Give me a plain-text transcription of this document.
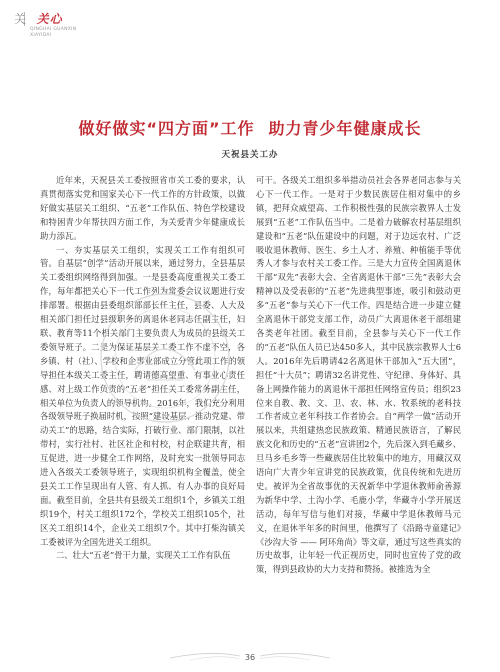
关 关心
QINGHAI GUANXIN
XIAYIDAI
做好做实“四方面”工作 助力青少年健康成长
天祝县关工办

近年来，天祝县关工委按照省市关工委的要求，认真贯彻落实党和国家关心下一代工作的方针政策，以做好做实基层关工组织、“五老”工作队伍、特色学校建设和特困青少年帮扶四方面工作，为关爱青少年健康成长助力添瓦。

一、夯实基层关工组织，实现关工工作有组织可管。自基层“创学”活动开展以来，通过努力，全县基层关工委组织网络得到加强。一是县委高度重视关工委工作，每年都把关心下一代工作列为常委会议议题进行安排部署。根据由县委组织部部长任主任，县委、人大及相关部门担任过县级职务的离退休老同志任副主任，妇联、教育等11个相关部门主要负责人为成员的县级关工委领导班子。二是为保证基层关工委工作不虚不空，各乡镇、村（社）、学校和企事业部成立分管此项工作的领导担任本级关工委主任，聘请德高望重、有事业心责任感、对上级工作负责的“五老”担任关工委常务副主任，相关单位为负责人的领导机构。2016年，我们充分利用各级领导班子换届时机，按照“建设基层、推动党建、带动关工”的思路，结合实际，打破行业、部门限制，以社带村，实行社村、社区社企和村校，村企联建共育，相互促进，进一步健全工作网络，及时充实一批领导同志进入各级关工委领导班子，实现组织机构全覆盖，使全县关工工作呈现出有人管、有人抓、有人办事的良好局面。截至目前，全县共有县级关工组织1个，乡镇关工组织19个，村关工组织172个，学校关工组织105个，社区关工组织14个，企业关工组织7个。其中打柴沟镇关工委被评为全国先进关工组织。

二、壮大“五老”骨干力量，实现关工工作有队伍

可干。各级关工组织多举措动员社会各界老同志参与关心下一代工作。一是对于少数民族居住相对集中的乡镇，把拜众威望高、工作积极性强的民族宗教界人士发展到“五老”工作队伍当中。二是着力破解农村基层组织建设和“五老”队伍建设中的问题，对于边远农村、广泛吸收退休教师、医生、乡土人才、养殖、种植能手等优秀人才参与农村关工委工作。三是大力宣传全国离退休干部“双先”表彰大会、全省离退休干部“三先”表彰大会精神以及受表彰的“五老”先进典型事迹，吸引和鼓动更多“五老”参与关心下一代工作。四是结合进一步建立健全离退休干部党支部工作，动员广大离退休老干部组建各类老年社团。截至目前，全县参与关心下一代工作的“五老”队伍人员已达450多人，其中民族宗教界人士6人。2016年先后聘请42名离退休干部加入“五大团”，担任“十大员”；聘请32名讲党性、守纪律、身体好、具备上网操作能力的离退休干部担任网络宣传员；组织23位来自教、教、文、卫、农、林、水、牧系统的老科技工作者成立老年科技工作者协会。自“两学一做”活动开展以来，共组建热恋民族政策、精通民族语言，了解民族文化和历史的“五老”宣讲团2个，先后深入到毛藏乡、旦马乡毛乡等一些藏族居住比较集中的地方，用藏汉双语向广大青少年宣讲党的民族政策，优良传统和先进历史。被评为全省故事优的天祝新华中学退休教师俞善源为新华中学、土沟小学、毛鹿小学，华藏寺小学开展送活动，每年写信与他们对接，华藏中学退休教师马元义，在退休半年多的时间里，他撰写了《沿路寺童建记》《沙沟大爷 —— 阿环角尚》等文章，通过写这些真实的历史故事，让年轻一代正视历史，同时也宣传了党的政策，得到县政协的大力支持和赞扬。被推选为全

36
